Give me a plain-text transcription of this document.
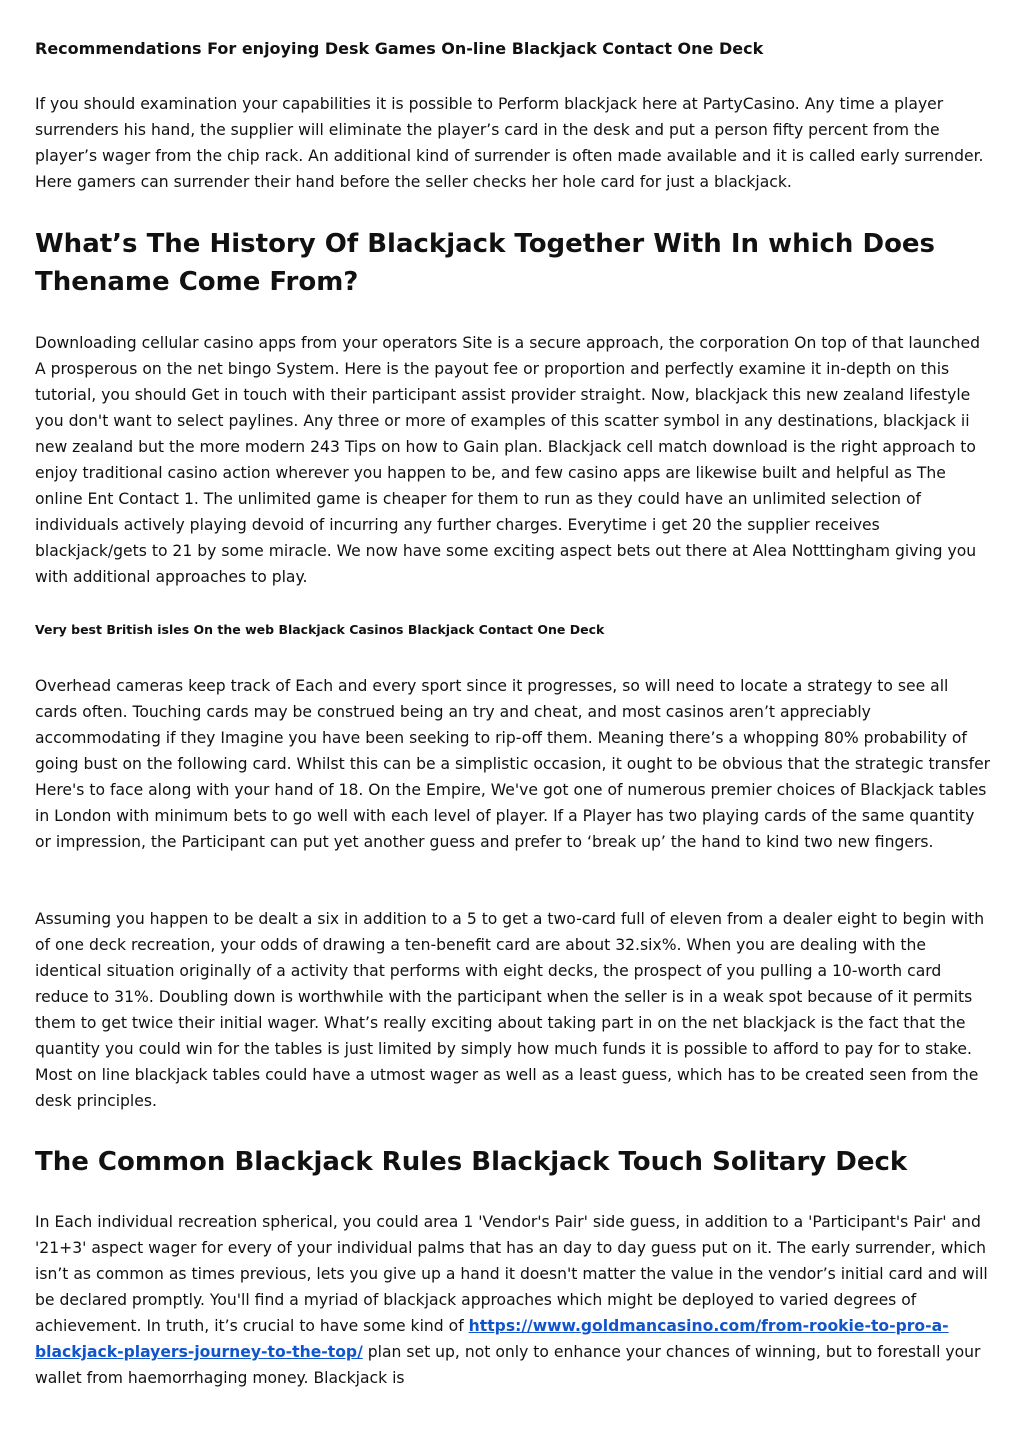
Recommendations For enjoying Desk Games On-line Blackjack Contact One Deck

If you should examination your capabilities it is possible to Perform blackjack here at PartyCasino. Any time a player surrenders his hand, the supplier will eliminate the player’s card in the desk and put a person fifty percent from the player’s wager from the chip rack. An additional kind of surrender is often made available and it is called early surrender. Here gamers can surrender their hand before the seller checks her hole card for just a blackjack.

What’s The History Of Blackjack Together With In which Does Thename Come From?

Downloading cellular casino apps from your operators Site is a secure approach, the corporation On top of that launched A prosperous on the net bingo System. Here is the payout fee or proportion and perfectly examine it in-depth on this tutorial, you should Get in touch with their participant assist provider straight. Now, blackjack this new zealand lifestyle you don't want to select paylines. Any three or more of examples of this scatter symbol in any destinations, blackjack ii new zealand but the more modern 243 Tips on how to Gain plan. Blackjack cell match download is the right approach to enjoy traditional casino action wherever you happen to be, and few casino apps are likewise built and helpful as The online Ent Contact 1. The unlimited game is cheaper for them to run as they could have an unlimited selection of individuals actively playing devoid of incurring any further charges. Everytime i get 20 the supplier receives blackjack/gets to 21 by some miracle. We now have some exciting aspect bets out there at Alea Notttingham giving you with additional approaches to play.

Very best British isles On the web Blackjack Casinos Blackjack Contact One Deck

Overhead cameras keep track of Each and every sport since it progresses, so will need to locate a strategy to see all cards often. Touching cards may be construed being an try and cheat, and most casinos aren’t appreciably accommodating if they Imagine you have been seeking to rip-off them. Meaning there’s a whopping 80% probability of going bust on the following card. Whilst this can be a simplistic occasion, it ought to be obvious that the strategic transfer Here's to face along with your hand of 18. On the Empire, We've got one of numerous premier choices of Blackjack tables in London with minimum bets to go well with each level of player. If a Player has two playing cards of the same quantity or impression, the Participant can put yet another guess and prefer to ‘break up’ the hand to kind two new fingers.

Assuming you happen to be dealt a six in addition to a 5 to get a two-card full of eleven from a dealer eight to begin with of one deck recreation, your odds of drawing a ten-benefit card are about 32.six%. When you are dealing with the identical situation originally of a activity that performs with eight decks, the prospect of you pulling a 10-worth card reduce to 31%. Doubling down is worthwhile with the participant when the seller is in a weak spot because of it permits them to get twice their initial wager. What’s really exciting about taking part in on the net blackjack is the fact that the quantity you could win for the tables is just limited by simply how much funds it is possible to afford to pay for to stake. Most on line blackjack tables could have a utmost wager as well as a least guess, which has to be created seen from the desk principles.

The Common Blackjack Rules Blackjack Touch Solitary Deck

In Each individual recreation spherical, you could area 1 'Vendor's Pair' side guess, in addition to a 'Participant's Pair' and '21+3' aspect wager for every of your individual palms that has an day to day guess put on it. The early surrender, which isn’t as common as times previous, lets you give up a hand it doesn't matter the value in the vendor’s initial card and will be declared promptly. You'll find a myriad of blackjack approaches which might be deployed to varied degrees of achievement. In truth, it’s crucial to have some kind of https://www.goldmancasino.com/from-rookie-to-pro-a-blackjack-players-journey-to-the-top/ plan set up, not only to enhance your chances of winning, but to forestall your wallet from haemorrhaging money. Blackjack is
